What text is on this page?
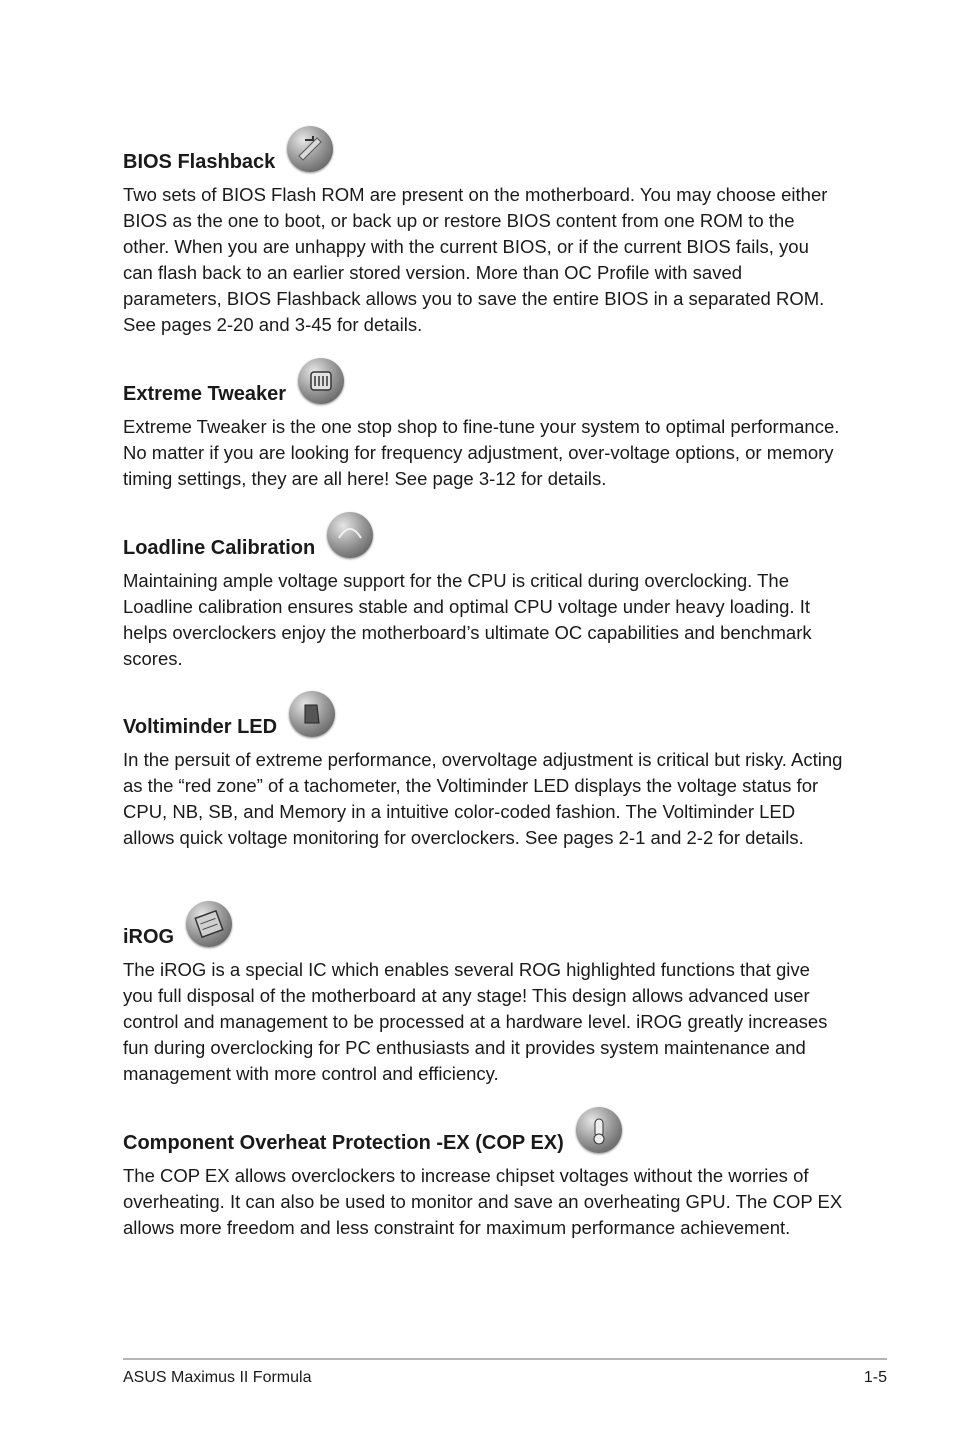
BIOS Flashback

Two sets of BIOS Flash ROM are present on the motherboard. You may choose either BIOS as the one to boot, or back up or restore BIOS content from one ROM to the other. When you are unhappy with the current BIOS, or if the current BIOS fails, you can flash back to an earlier stored version. More than OC Profile with saved parameters, BIOS Flashback allows you to save the entire BIOS in a separated ROM. See pages 2-20 and 3-45 for details.

Extreme Tweaker

Extreme Tweaker is the one stop shop to fine-tune your system to optimal performance. No matter if you are looking for frequency adjustment, over-voltage options, or memory timing settings, they are all here! See page 3-12 for details.

Loadline Calibration

Maintaining ample voltage support for the CPU is critical during overclocking. The Loadline calibration ensures stable and optimal CPU voltage under heavy loading. It helps overclockers enjoy the motherboard’s ultimate OC capabilities and benchmark scores.

Voltiminder LED

In the persuit of extreme performance, overvoltage adjustment is critical but risky. Acting as the “red zone” of a tachometer, the Voltiminder LED displays the voltage status for CPU, NB, SB, and Memory in a intuitive color-coded fashion. The Voltiminder LED allows quick voltage monitoring for overclockers. See pages 2-1 and 2-2 for details.

iROG

The iROG is a special IC which enables several ROG highlighted functions that give you full disposal of the motherboard at any stage! This design allows advanced user control and management to be processed at a hardware level. iROG greatly increases fun during overclocking for PC enthusiasts and it provides system maintenance and management with more control and efficiency.

Component Overheat Protection -EX (COP EX)

The COP EX allows overclockers to increase chipset voltages without the worries of overheating. It can also be used to monitor and save an overheating GPU. The COP EX allows more freedom and less constraint for maximum performance achievement.

ASUS Maximus II Formula	1-5
